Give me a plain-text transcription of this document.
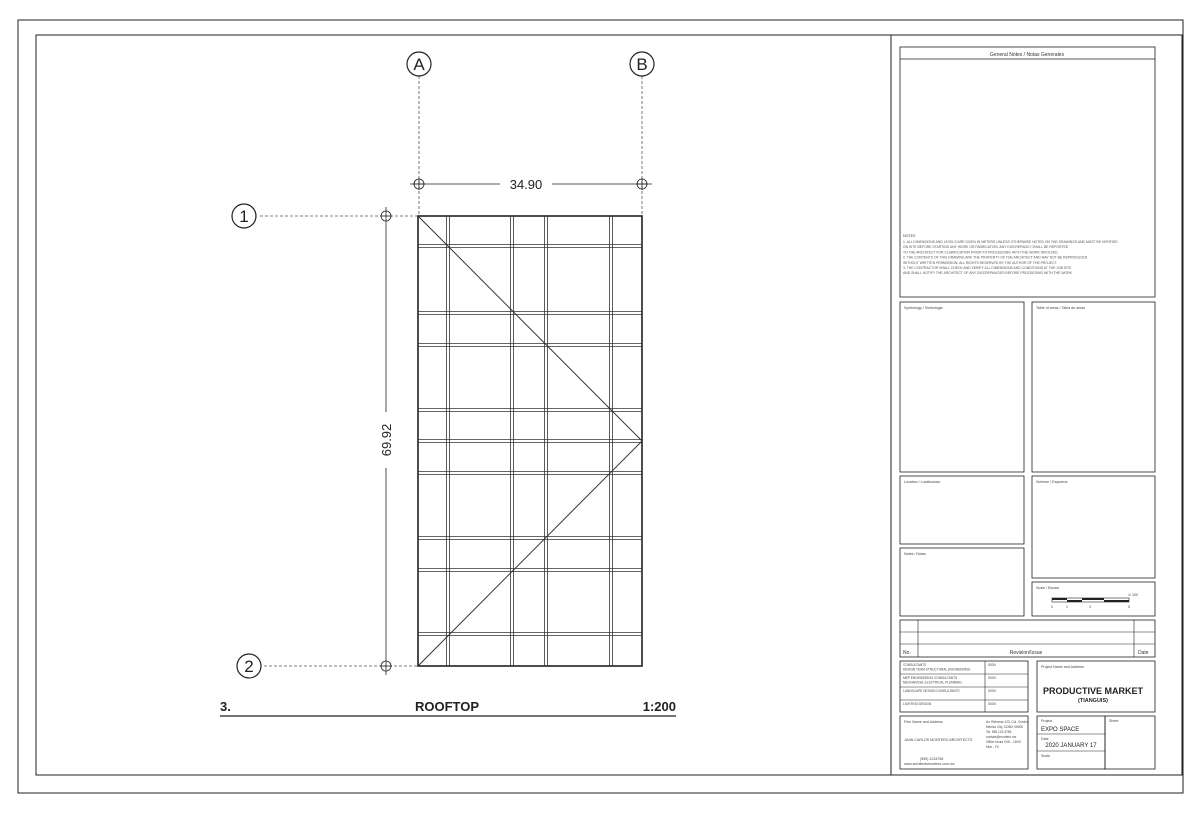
A	B
1
2
34.90
69.92
3.	ROOFTOP	1:200
General Notes / Notas Generales
NOTES
1. ALL DIMENSIONS AND LEVELS ARE GIVEN IN METERS UNLESS OTHERWISE NOTED ON THE DRAWINGS AND MUST BE VERIFIED
ON SITE BEFORE STARTING ANY WORK OR FABRICATION. ANY DISCREPANCY SHALL BE REPORTED
TO THE ARCHITECT FOR CLARIFICATION PRIOR TO PROCEEDING WITH THE WORK INVOLVED.
2. THE CONTENTS OF THIS DRAWING ARE THE PROPERTY OF THE ARCHITECT AND MAY NOT BE REPRODUCED
WITHOUT WRITTEN PERMISSION. ALL RIGHTS RESERVED BY THE AUTHOR OF THE PROJECT.
3. THE CONTRACTOR SHALL CHECK AND VERIFY ALL DIMENSIONS AND CONDITIONS AT THE JOB SITE
AND SHALL NOTIFY THE ARCHITECT OF ANY DISCREPANCIES BEFORE PROCEEDING WITH THE WORK.
Symbology / Simbologia	Table of areas / Tabla de areas
Location / Localizacion	Scheme / Esquema
Notes / Notas
Scale / Escala
1/ 100
0	1	3	5
No.	Revision/Issue	Date
CONSULTANTS
DESIGN TEAM STRUCTURAL ENGINEERING
SIGN
MEP ENGINEERING CONSULTANTS
MECHANICAL ELECTRICAL PLUMBING
SIGN
LANDSCAPE DESIGN CONSULTANTS	SIGN
LIGHTING DESIGN	SIGN
Project Name and Address
PRODUCTIVE MARKET
(TIANGUIS)
Firm Name and Address
JUAN CARLOS MONTERO ARCHITECTS
(555) 1234756
www.architectsmontero.com.mx
Av. Reforma 123, Col. Centro
Mexico City, CDMX 06000
Tel. 555 123 4756
contact@montero.mx
Office hours 9:00 - 18:00
Mon - Fri
Project
EXPO SPACE
Date
2020 JANUARY 17
Scale
Sheet
